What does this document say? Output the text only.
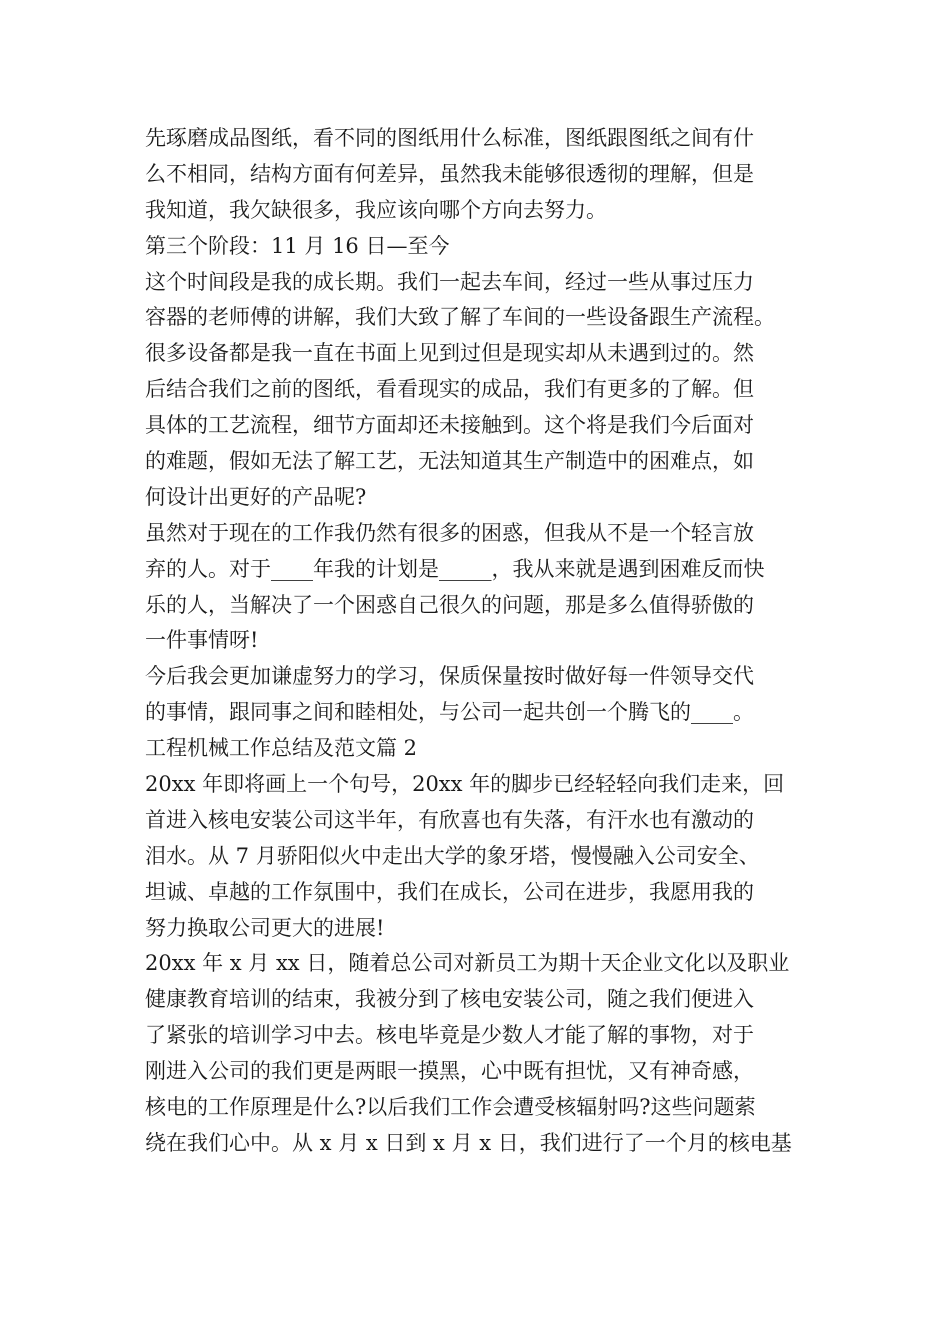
先琢磨成品图纸，看不同的图纸用什么标准，图纸跟图纸之间有什
么不相同，结构方面有何差异，虽然我未能够很透彻的理解，但是
我知道，我欠缺很多，我应该向哪个方向去努力。
第三个阶段：11 月 16 日—至今
这个时间段是我的成长期。我们一起去车间，经过一些从事过压力
容器的老师傅的讲解，我们大致了解了车间的一些设备跟生产流程。
很多设备都是我一直在书面上见到过但是现实却从未遇到过的。然
后结合我们之前的图纸，看看现实的成品，我们有更多的了解。但
具体的工艺流程，细节方面却还未接触到。这个将是我们今后面对
的难题，假如无法了解工艺，无法知道其生产制造中的困难点，如
何设计出更好的产品呢?
虽然对于现在的工作我仍然有很多的困惑，但我从不是一个轻言放
弃的人。对于____年我的计划是_____，我从来就是遇到困难反而快
乐的人，当解决了一个困惑自己很久的问题，那是多么值得骄傲的
一件事情呀!
今后我会更加谦虚努力的学习，保质保量按时做好每一件领导交代
的事情，跟同事之间和睦相处，与公司一起共创一个腾飞的____。
工程机械工作总结及范文篇 2
20xx 年即将画上一个句号，20xx 年的脚步已经轻轻向我们走来，回
首进入核电安装公司这半年，有欣喜也有失落，有汗水也有激动的
泪水。从 7 月骄阳似火中走出大学的象牙塔，慢慢融入公司安全、
坦诚、卓越的工作氛围中，我们在成长，公司在进步，我愿用我的
努力换取公司更大的进展!
20xx 年 x 月 xx 日，随着总公司对新员工为期十天企业文化以及职业
健康教育培训的结束，我被分到了核电安装公司，随之我们便进入
了紧张的培训学习中去。核电毕竟是少数人才能了解的事物，对于
刚进入公司的我们更是两眼一摸黑，心中既有担忧，又有神奇感，
核电的工作原理是什么?以后我们工作会遭受核辐射吗?这些问题萦
绕在我们心中。从 x 月 x 日到 x 月 x 日，我们进行了一个月的核电基
